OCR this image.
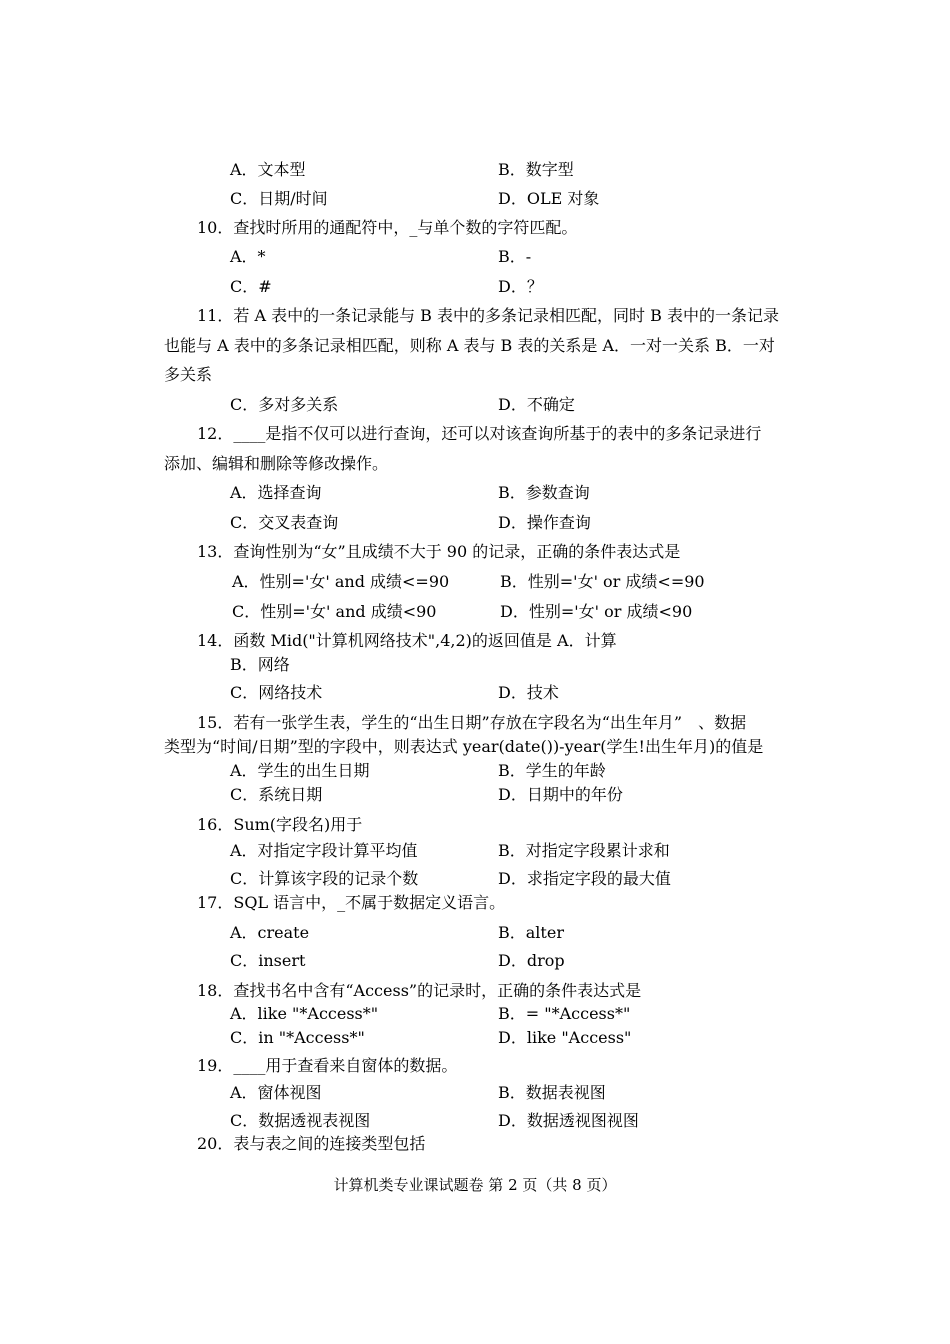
A．文本型	B．数字型
C．日期/时间	D．OLE 对象
10．查找时所用的通配符中，_与单个数的字符匹配。
A．*	B．-
C．#	D．？
11．若 A 表中的一条记录能与 B 表中的多条记录相匹配，同时 B 表中的一条记录
也能与 A 表中的多条记录相匹配，则称 A 表与 B 表的关系是 A．一对一关系 B．一对
多关系
C．多对多关系	D．不确定
12．____是指不仅可以进行查询，还可以对该查询所基于的表中的多条记录进行
添加、编辑和删除等修改操作。
A．选择查询	B．参数查询
C．交叉表查询	D．操作查询
13．查询性别为“女”且成绩不大于 90 的记录，正确的条件表达式是
A．性别='女' and 成绩<=90	B．性别='女' or 成绩<=90
C．性别='女' and 成绩<90	D．性别='女' or 成绩<90
14．函数 Mid("计算机网络技术",4,2)的返回值是 A．计算
B．网络
C．网络技术	D．技术
15．若有一张学生表，学生的“出生日期”存放在字段名为“出生年月”　、数据
类型为“时间/日期”型的字段中，则表达式 year(date())-year(学生!出生年月)的值是
A．学生的出生日期	B．学生的年龄
C．系统日期	D．日期中的年份
16．Sum(字段名)用于
A．对指定字段计算平均值	B．对指定字段累计求和
C．计算该字段的记录个数	D．求指定字段的最大值
17．SQL 语言中，_不属于数据定义语言。
A．create	B．alter
C．insert	D．drop
18．查找书名中含有“Access”的记录时，正确的条件表达式是
A．like "*Access*"	B．= "*Access*"
C．in "*Access*"	D．like "Access"
19．____用于查看来自窗体的数据。
A．窗体视图	B．数据表视图
C．数据透视表视图	D．数据透视图视图
20．表与表之间的连接类型包括
计算机类专业课试题卷 第 2 页（共 8 页）
